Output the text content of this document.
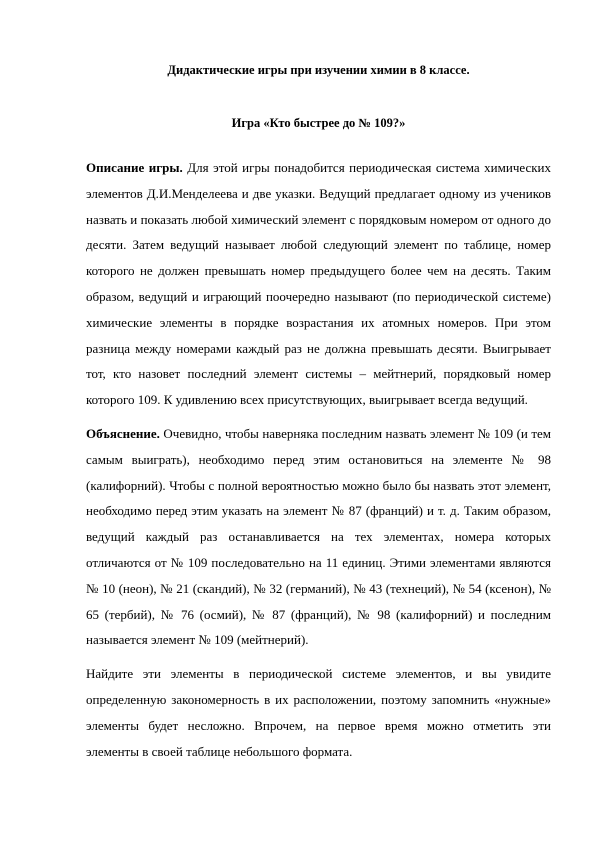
Дидактические игры при изучении химии в 8 классе.

Игра «Кто быстрее до № 109?»

Описание игры. Для этой игры понадобится периодическая система химических элементов Д.И.Менделеева и две указки. Ведущий предлагает одному из учеников назвать и показать любой химический элемент с порядковым номером от одного до десяти. Затем ведущий называет любой следующий элемент по таблице, номер которого не должен превышать номер предыдущего более чем на десять. Таким образом, ведущий и играющий поочередно называют (по периодической системе) химические элементы в порядке возрастания их атомных номеров. При этом разница между номерами каждый раз не должна превышать десяти. Выигрывает тот, кто назовет последний элемент системы – мейтнерий, порядковый номер которого 109. К удивлению всех присутствующих, выигрывает всегда ведущий.

Объяснение. Очевидно, чтобы наверняка последним назвать элемент № 109 (и тем самым выиграть), необходимо перед этим остановиться на элементе № 98 (калифорний). Чтобы с полной вероятностью можно было бы назвать этот элемент, необходимо перед этим указать на элемент № 87 (франций) и т. д. Таким образом, ведущий каждый раз останавливается на тех элементах, номера которых отличаются от № 109 последовательно на 11 единиц. Этими элементами являются № 10 (неон), № 21 (скандий), № 32 (германий), № 43 (технеций), № 54 (ксенон), № 65 (тербий), № 76 (осмий), № 87 (франций), № 98 (калифорний) и последним называется элемент № 109 (мейтнерий).

Найдите эти элементы в периодической системе элементов, и вы увидите определенную закономерность в их расположении, поэтому запомнить «нужные» элементы будет несложно. Впрочем, на первое время можно отметить эти элементы в своей таблице небольшого формата.
